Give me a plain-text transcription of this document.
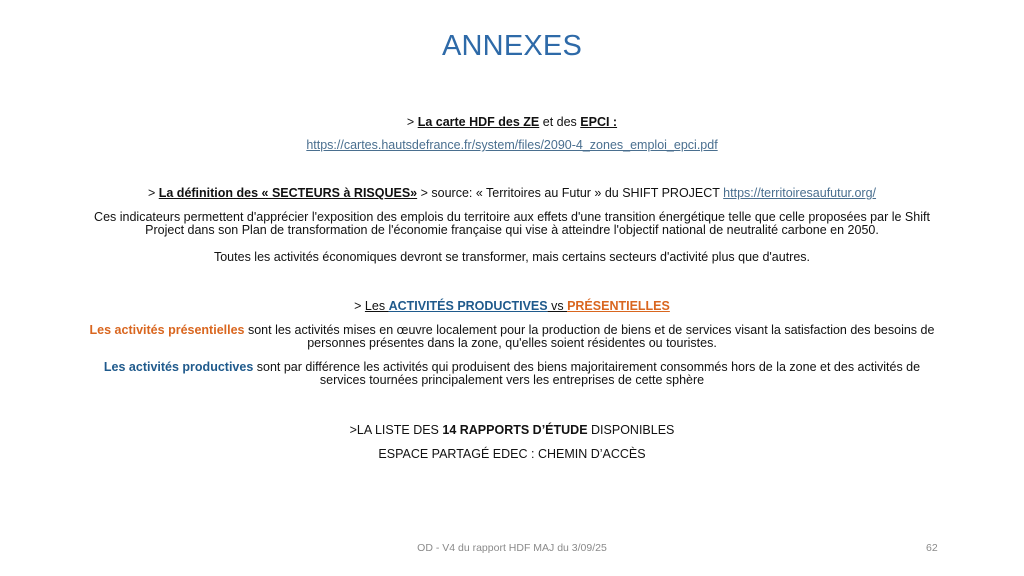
ANNEXES
> La carte HDF des ZE et des EPCI :
https://cartes.hautsdefrance.fr/system/files/2090-4_zones_emploi_epci.pdf
> La définition des « SECTEURS à RISQUES» > source: « Territoires au Futur » du SHIFT PROJECT https://territoiresaufutur.org/
Ces indicateurs permettent d'apprécier l'exposition des emplois du territoire aux effets d'une transition énergétique telle que celle proposées par le Shift Project dans son Plan de transformation de l'économie française qui vise à atteindre l'objectif national de neutralité carbone en 2050.
Toutes les activités économiques devront se transformer, mais certains secteurs d'activité plus que d'autres.
> Les ACTIVITÉS PRODUCTIVES vs PRÉSENTIELLES
Les activités présentielles sont les activités mises en œuvre localement pour la production de biens et de services visant la satisfaction des besoins de personnes présentes dans la zone, qu'elles soient résidentes ou touristes.
Les activités productives sont par différence les activités qui produisent des biens majoritairement consommés hors de la zone et des activités de services tournées principalement vers les entreprises de cette sphère
>LA LISTE DES 14 RAPPORTS D’ÉTUDE DISPONIBLES
ESPACE PARTAGÉ EDEC : CHEMIN D’ACCÈS
OD - V4 du rapport HDF MAJ du 3/09/25	62
